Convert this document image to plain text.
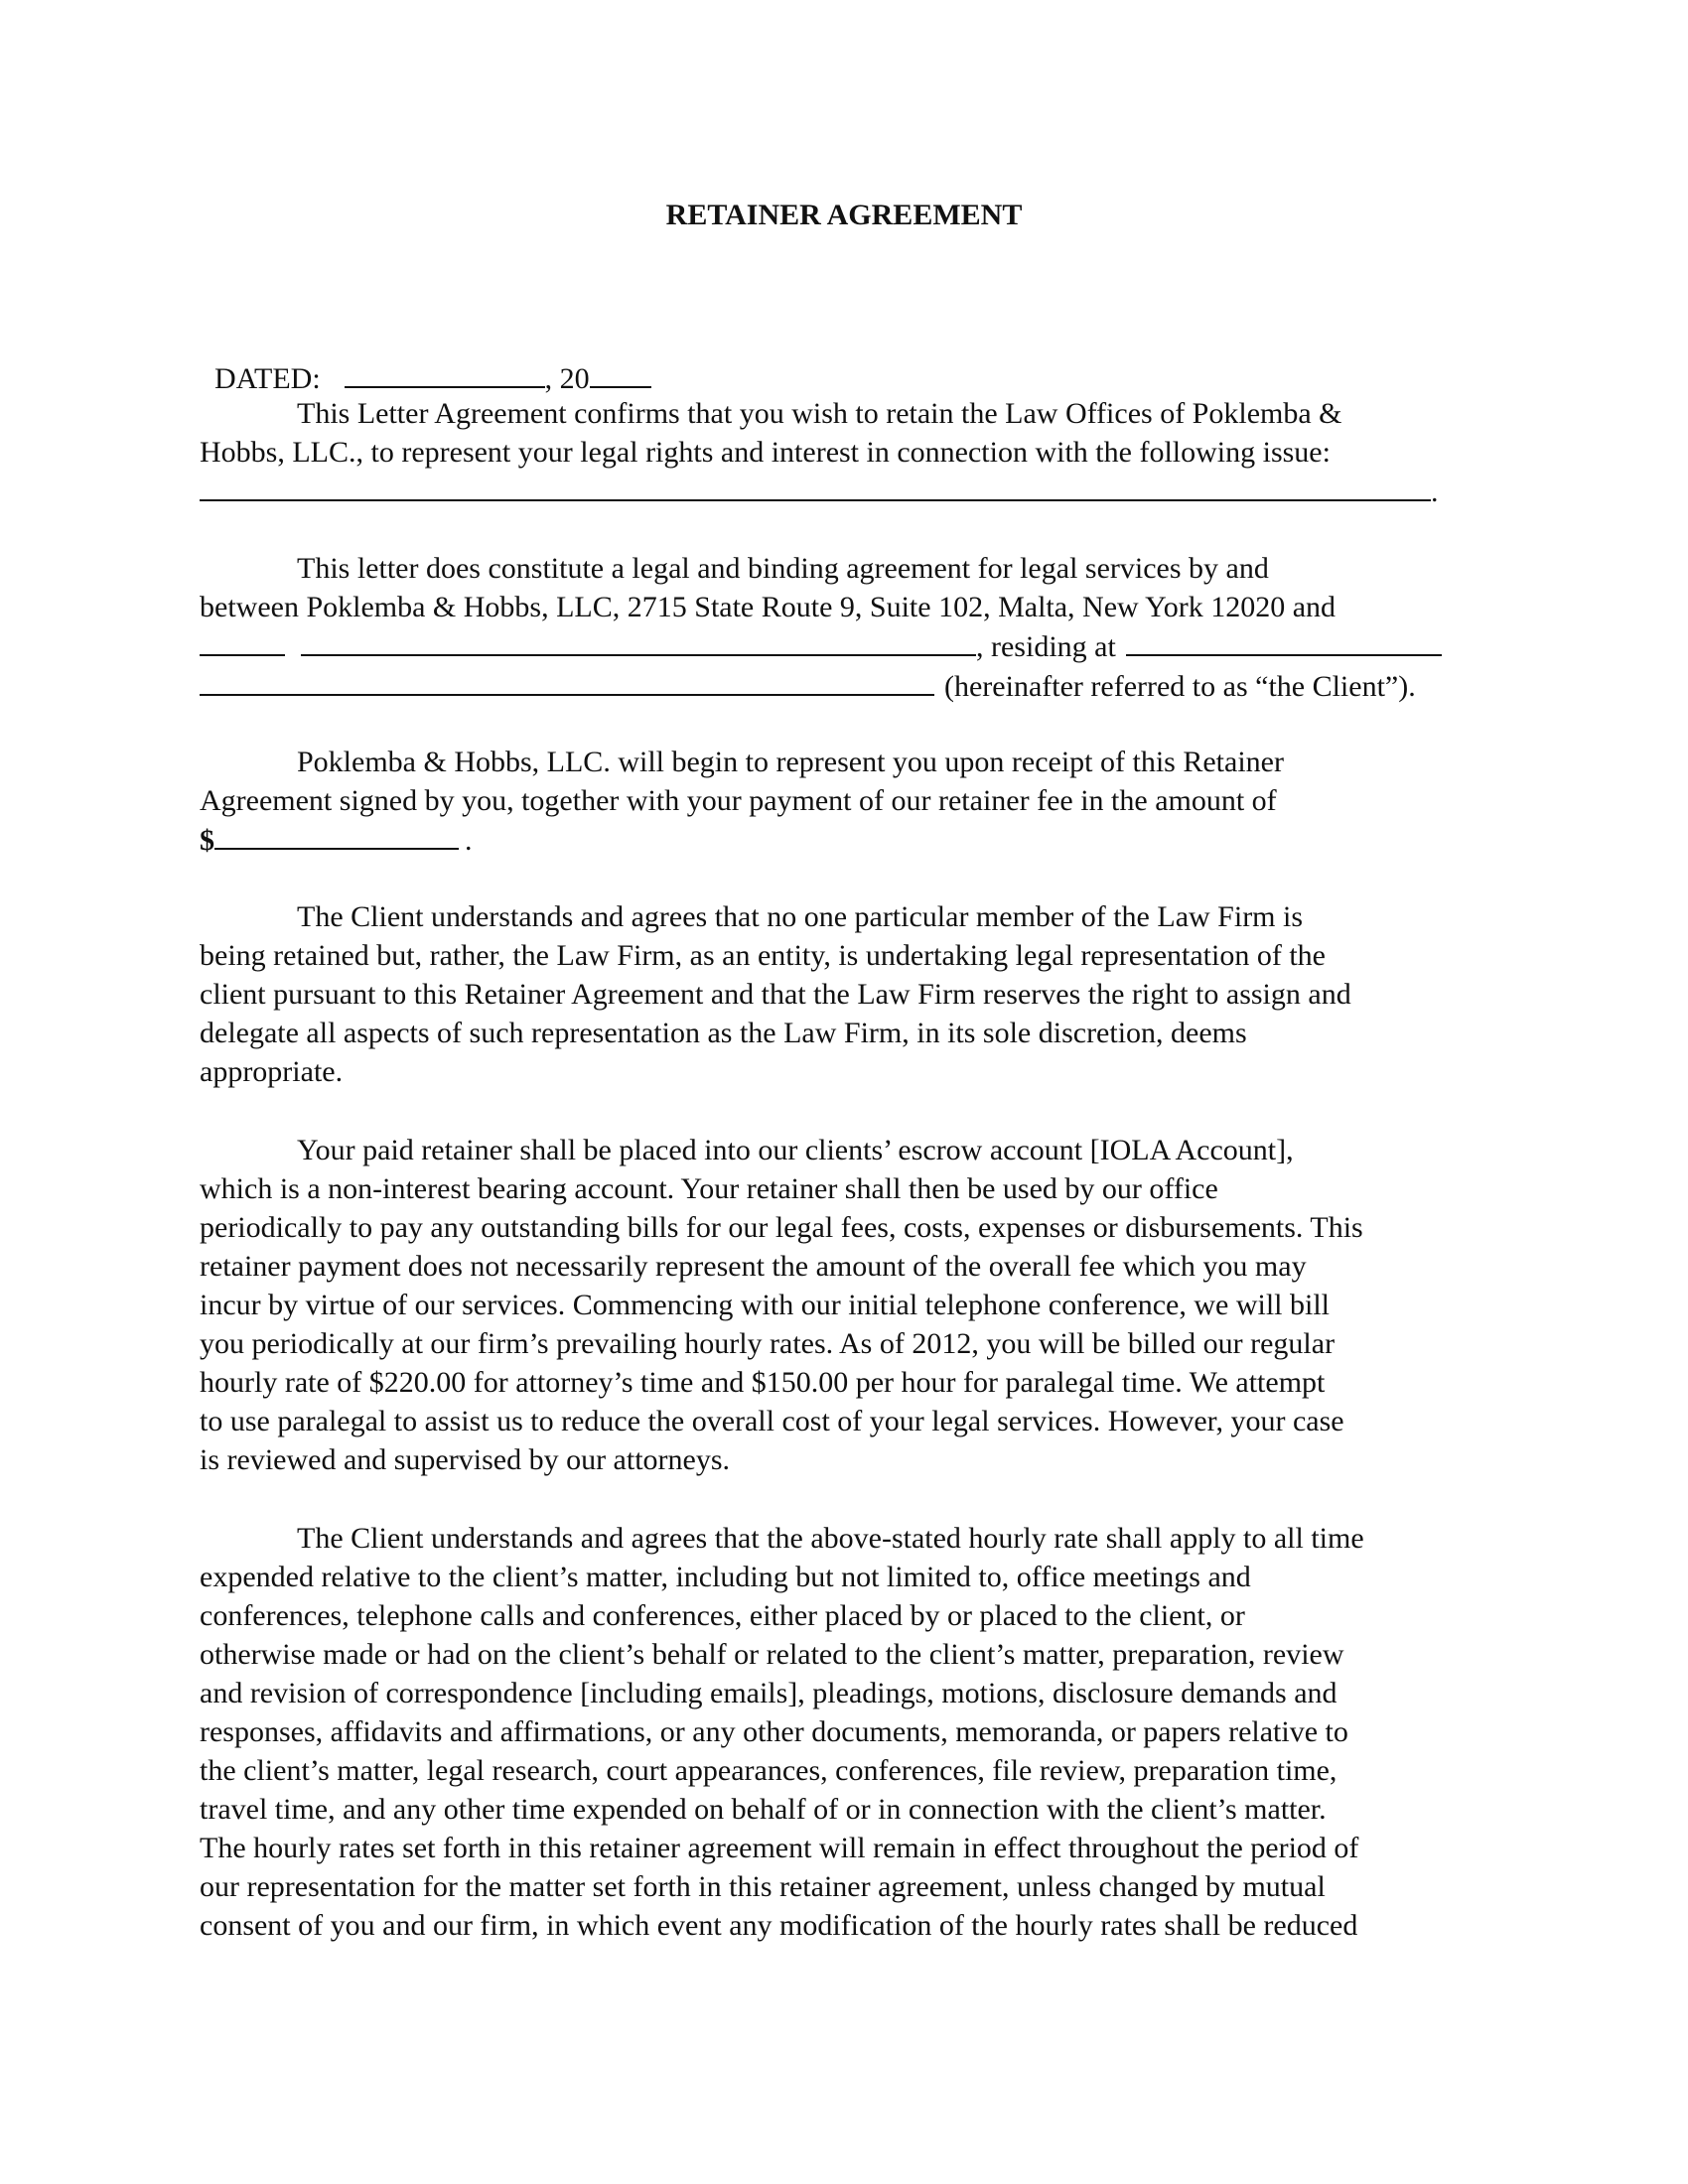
RETAINER AGREEMENT

DATED:	, 20

This Letter Agreement confirms that you wish to retain the Law Offices of Poklemba &
Hobbs, LLC., to represent your legal rights and interest in connection with the following issue:
.
This letter does constitute a legal and binding agreement for legal services by and
between Poklemba & Hobbs, LLC, 2715 State Route 9, Suite 102, Malta, New York 12020 and
, residing at
(hereinafter referred to as “the Client”).
Poklemba & Hobbs, LLC. will begin to represent you upon receipt of this Retainer
Agreement signed by you, together with your payment of our retainer fee in the amount of
$	.
The Client understands and agrees that no one particular member of the Law Firm is
being retained but, rather, the Law Firm, as an entity, is undertaking legal representation of the
client pursuant to this Retainer Agreement and that the Law Firm reserves the right to assign and
delegate all aspects of such representation as the Law Firm, in its sole discretion, deems
appropriate.
Your paid retainer shall be placed into our clients’ escrow account [IOLA Account],
which is a non-interest bearing account. Your retainer shall then be used by our office
periodically to pay any outstanding bills for our legal fees, costs, expenses or disbursements. This
retainer payment does not necessarily represent the amount of the overall fee which you may
incur by virtue of our services. Commencing with our initial telephone conference, we will bill
you periodically at our firm’s prevailing hourly rates. As of 2012, you will be billed our regular
hourly rate of $220.00 for attorney’s time and $150.00 per hour for paralegal time. We attempt
to use paralegal to assist us to reduce the overall cost of your legal services. However, your case
is reviewed and supervised by our attorneys.
The Client understands and agrees that the above-stated hourly rate shall apply to all time
expended relative to the client’s matter, including but not limited to, office meetings and
conferences, telephone calls and conferences, either placed by or placed to the client, or
otherwise made or had on the client’s behalf or related to the client’s matter, preparation, review
and revision of correspondence [including emails], pleadings, motions, disclosure demands and
responses, affidavits and affirmations, or any other documents, memoranda, or papers relative to
the client’s matter, legal research, court appearances, conferences, file review, preparation time,
travel time, and any other time expended on behalf of or in connection with the client’s matter.
The hourly rates set forth in this retainer agreement will remain in effect throughout the period of
our representation for the matter set forth in this retainer agreement, unless changed by mutual
consent of you and our firm, in which event any modification of the hourly rates shall be reduced
